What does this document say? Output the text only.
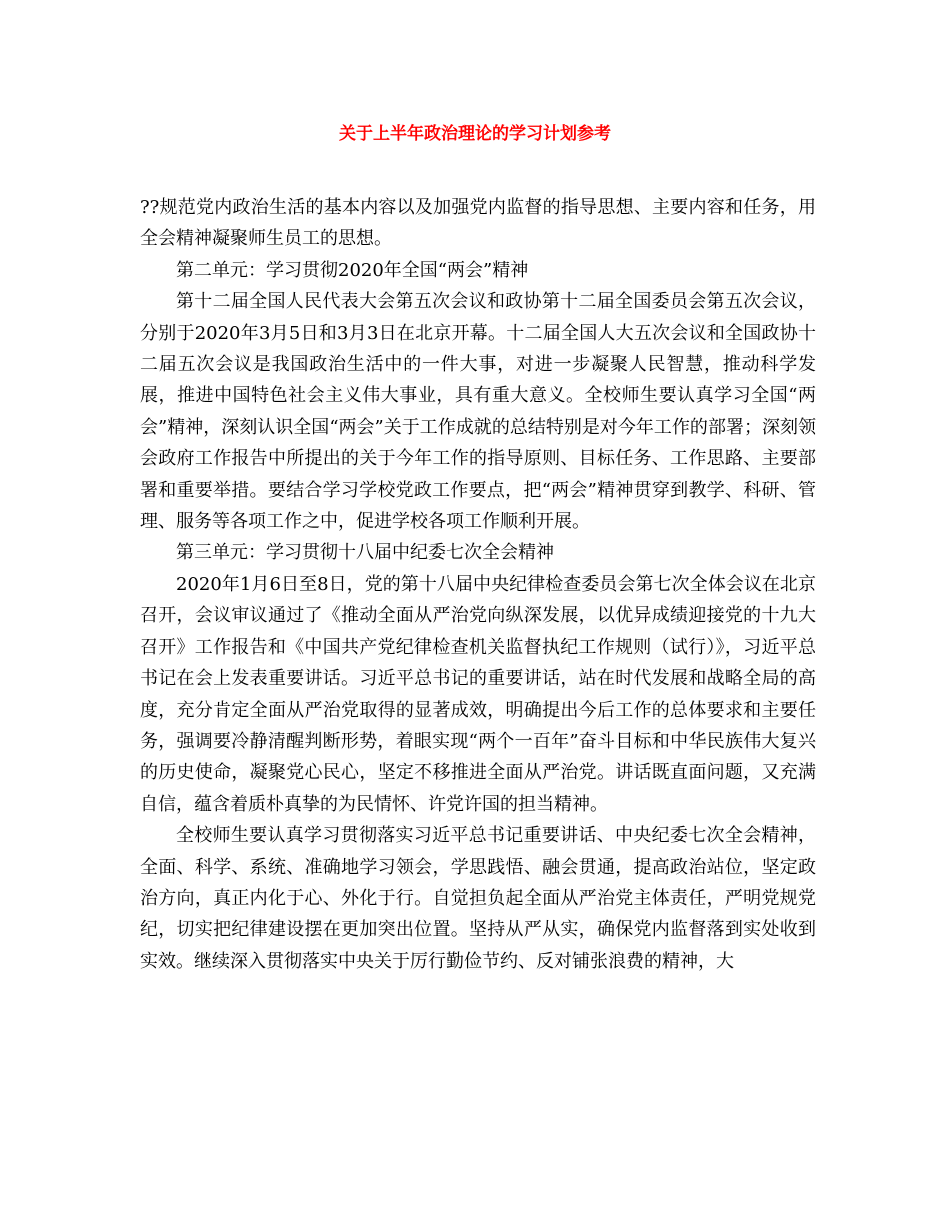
关于上半年政治理论的学习计划参考

??规范党内政治生活的基本内容以及加强党内监督的指导思想、主要内容和任务，用全会精神凝聚师生员工的思想。

第二单元：学习贯彻2020年全国“两会”精神

第十二届全国人民代表大会第五次会议和政协第十二届全国委员会第五次会议，分别于2020年3月5日和3月3日在北京开幕。十二届全国人大五次会议和全国政协十二届五次会议是我国政治生活中的一件大事，对进一步凝聚人民智慧，推动科学发展，推进中国特色社会主义伟大事业，具有重大意义。全校师生要认真学习全国“两会”精神，深刻认识全国“两会”关于工作成就的总结特别是对今年工作的部署；深刻领会政府工作报告中所提出的关于今年工作的指导原则、目标任务、工作思路、主要部署和重要举措。要结合学习学校党政工作要点，把“两会”精神贯穿到教学、科研、管理、服务等各项工作之中，促进学校各项工作顺利开展。

第三单元：学习贯彻十八届中纪委七次全会精神

2020年1月6日至8日，党的第十八届中央纪律检查委员会第七次全体会议在北京召开，会议审议通过了《推动全面从严治党向纵深发展，以优异成绩迎接党的十九大召开》工作报告和《中国共产党纪律检查机关监督执纪工作规则（试行）》，习近平总书记在会上发表重要讲话。习近平总书记的重要讲话，站在时代发展和战略全局的高度，充分肯定全面从严治党取得的显著成效，明确提出今后工作的总体要求和主要任务，强调要冷静清醒判断形势，着眼实现“两个一百年”奋斗目标和中华民族伟大复兴的历史使命，凝聚党心民心，坚定不移推进全面从严治党。讲话既直面问题，又充满自信，蕴含着质朴真挚的为民情怀、许党许国的担当精神。

全校师生要认真学习贯彻落实习近平总书记重要讲话、中央纪委七次全会精神，全面、科学、系统、准确地学习领会，学思践悟、融会贯通，提高政治站位，坚定政治方向，真正内化于心、外化于行。自觉担负起全面从严治党主体责任，严明党规党纪，切实把纪律建设摆在更加突出位置。坚持从严从实，确保党内监督落到实处收到实效。继续深入贯彻落实中央关于厉行勤俭节约、反对铺张浪费的精神，大
